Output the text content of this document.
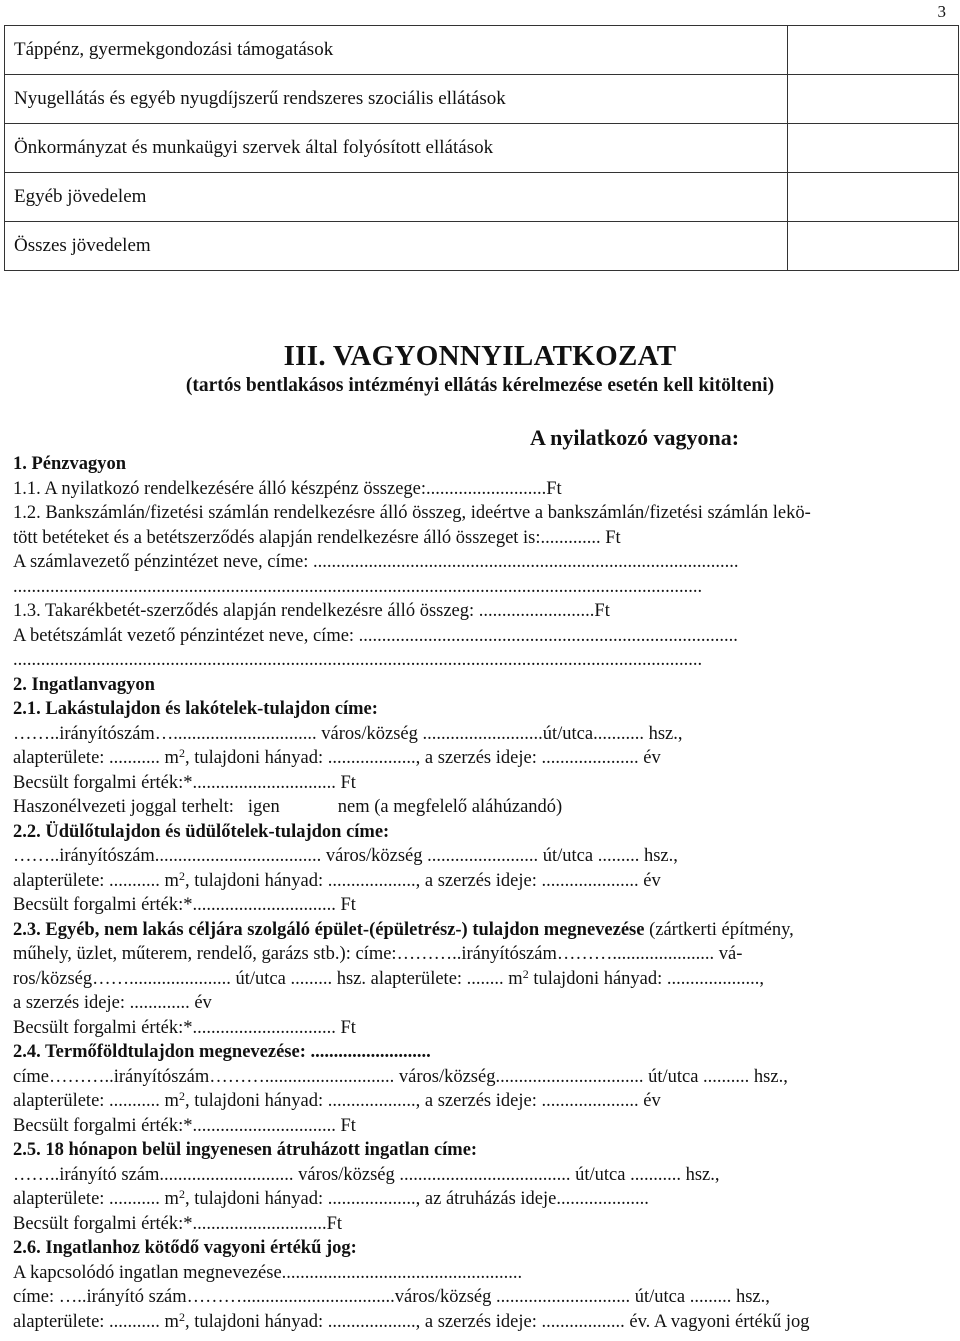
3
Táppénz, gyermekgondozási támogatások	
Nyugellátás és egyéb nyugdíjszerű rendszeres szociális ellátások	
Önkormányzat és munkaügyi szervek által folyósított ellátások	
Egyéb jövedelem	
Összes jövedelem	
III. VAGYONNYILATKOZAT
(tartós bentlakásos intézményi ellátás kérelmezése esetén kell kitölteni)
A nyilatkozó vagyona:
1. Pénzvagyon
1.1. A nyilatkozó rendelkezésére álló készpénz összege:..........................Ft
1.2. Bankszámlán/fizetési számlán rendelkezésre álló összeg, ideértve a bankszámlán/fizetési számlán lekö-
tött betéteket és a betétszerződés alapján rendelkezésre álló összeget is:............. Ft
A számlavezető pénzintézet neve, címe: ............................................................................................
.....................................................................................................................................................
1.3. Takarékbetét-szerződés alapján rendelkezésre álló összeg: .........................Ft
A betétszámlát vezető pénzintézet neve, címe: ..................................................................................
.....................................................................................................................................................
2. Ingatlanvagyon
2.1. Lakástulajdon és lakótelek-tulajdon címe:
……..irányítószám…............................... város/község ..........................út/utca........... hsz.,
alapterülete: ........... $m^2$, tulajdoni hányad: ..................., a szerzés ideje: ..................... év
Becsült forgalmi érték:*............................... Ft
Haszonélvezeti joggal terhelt: igen	nem (a megfelelő aláhúzandó)
2.2. Üdülőtulajdon és üdülőtelek-tulajdon címe:
……..irányítószám.................................... város/község ........................ út/utca ......... hsz.,
alapterülete: ........... $m^2$, tulajdoni hányad: ..................., a szerzés ideje: ..................... év
Becsült forgalmi érték:*............................... Ft
2.3. Egyéb, nem lakás céljára szolgáló épület-(épületrész-) tulajdon megnevezése (zártkerti építmény,
műhely, üzlet, műterem, rendelő, garázs stb.): címe:………..irányítószám………...................... vá-
ros/község……...................... út/utca ......... hsz. alapterülete: ........ $m^2$ tulajdoni hányad: ....................,
a szerzés ideje: ............. év
Becsült forgalmi érték:*............................... Ft
2.4. Termőföldtulajdon megnevezése: ..........................
címe………..irányítószám………............................ város/község................................ út/utca .......... hsz.,
alapterülete: ........... $m^2$, tulajdoni hányad: ..................., a szerzés ideje: ..................... év
Becsült forgalmi érték:*............................... Ft
2.5. 18 hónapon belül ingyenesen átruházott ingatlan címe:
……..irányító szám............................. város/község ..................................... út/utca ........... hsz.,
alapterülete: ........... $m^2$, tulajdoni hányad: ..................., az átruházás ideje....................
Becsült forgalmi érték:*.............................Ft
2.6. Ingatlanhoz kötődő vagyoni értékű jog:
A kapcsolódó ingatlan megnevezése....................................................
címe: …..irányító szám……….................................város/község ............................. út/utca ......... hsz.,
alapterülete: ........... $m^2$, tulajdoni hányad: ..................., a szerzés ideje: .................. év. A vagyoni értékű jog
